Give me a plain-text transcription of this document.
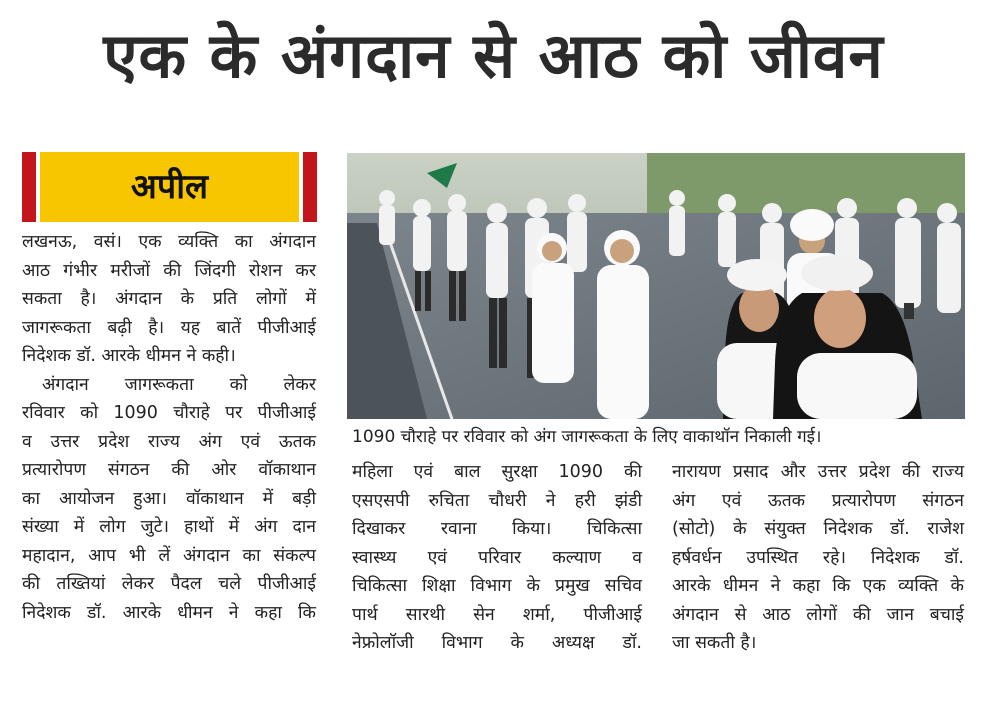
एक के अंगदान से आठ को जीवन
अपील

लखनऊ, वसं। एक व्यक्ति का अंगदान

आठ गंभीर मरीजों की जिंदगी रोशन कर

सकता है। अंगदान के प्रति लोगों में

जागरूकता बढ़ी है। यह बातें पीजीआई

निदेशक डॉ. आरके धीमन ने कही।

अंगदान जागरूकता को लेकर

रविवार को 1090 चौराहे पर पीजीआई

व उत्तर प्रदेश राज्य अंग एवं ऊतक

प्रत्यारोपण संगठन की ओर वॉकाथान

का आयोजन हुआ। वॉकाथान में बड़ी

संख्या में लोग जुटे। हाथों में अंग दान

महादान, आप भी लें अंगदान का संकल्प

की तख्तियां लेकर पैदल चले पीजीआई

निदेशक डॉ. आरके धीमन ने कहा कि

1090 चौराहे पर रविवार को अंग जागरूकता के लिए वाकाथॉन निकाली गई।

महिला एवं बाल सुरक्षा 1090 की

एसएसपी रुचिता चौधरी ने हरी झंडी

दिखाकर रवाना किया। चिकित्सा

स्वास्थ्य एवं परिवार कल्याण व

चिकित्सा शिक्षा विभाग के प्रमुख सचिव

पार्थ सारथी सेन शर्मा, पीजीआई

नेफ्रोलॉजी विभाग के अध्यक्ष डॉ.

नारायण प्रसाद और उत्तर प्रदेश की राज्य

अंग एवं ऊतक प्रत्यारोपण संगठन

(सोटो) के संयुक्त निदेशक डॉ. राजेश

हर्षवर्धन उपस्थित रहे। निदेशक डॉ.

आरके धीमन ने कहा कि एक व्यक्ति के

अंगदान से आठ लोगों की जान बचाई

जा सकती है।
